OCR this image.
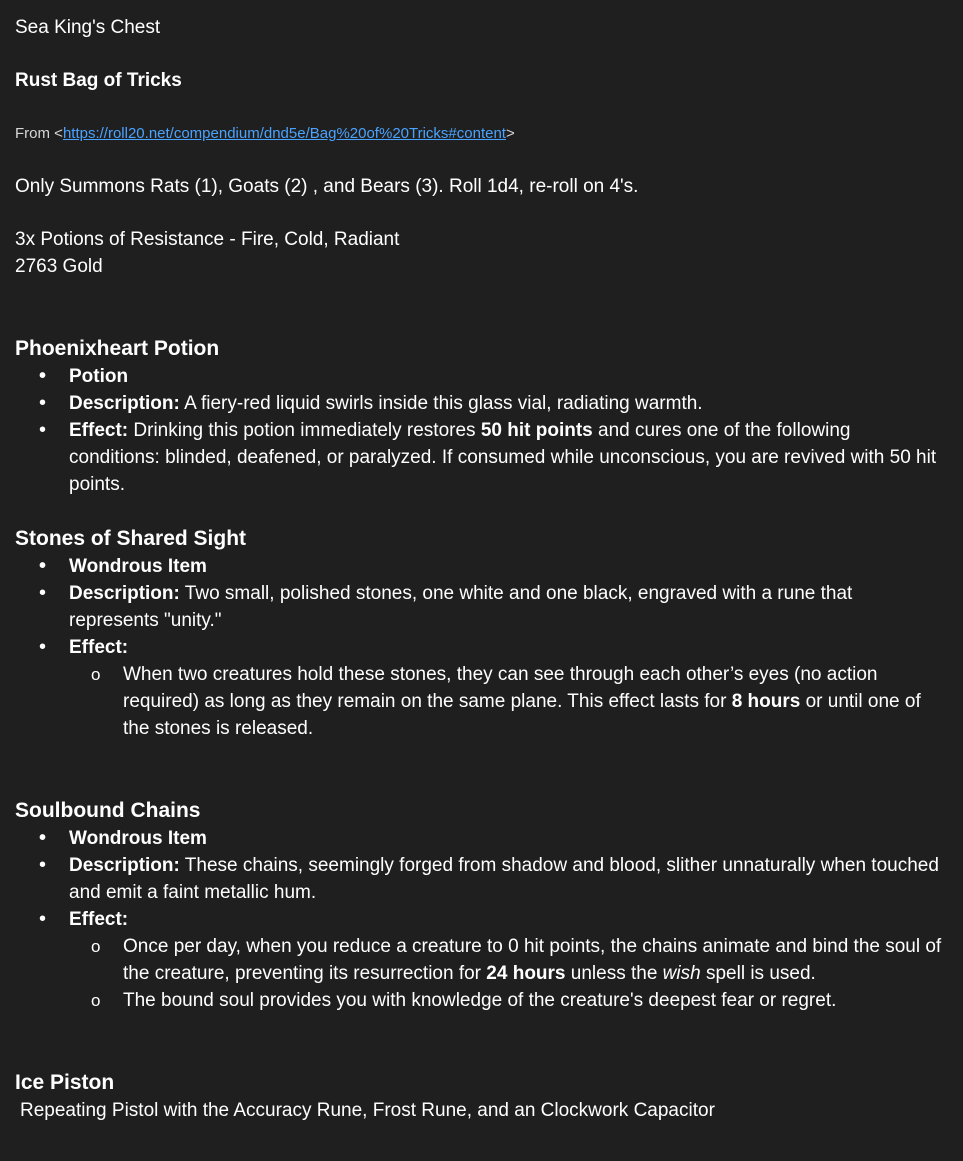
Sea King's Chest
Rust Bag of Tricks
From <https://roll20.net/compendium/dnd5e/Bag%20of%20Tricks#content>
Only Summons Rats (1), Goats (2) , and Bears (3). Roll 1d4, re-roll on 4's.
3x Potions of Resistance - Fire, Cold, Radiant
2763 Gold
Phoenixheart Potion
• Potion
• Description: A fiery-red liquid swirls inside this glass vial, radiating warmth.
• Effect: Drinking this potion immediately restores 50 hit points and cures one of the following conditions: blinded, deafened, or paralyzed. If consumed while unconscious, you are revived with 50 hit points.
Stones of Shared Sight
• Wondrous Item
• Description: Two small, polished stones, one white and one black, engraved with a rune that represents "unity."
• Effect:
o When two creatures hold these stones, they can see through each other’s eyes (no action required) as long as they remain on the same plane. This effect lasts for 8 hours or until one of the stones is released.
Soulbound Chains
• Wondrous Item
• Description: These chains, seemingly forged from shadow and blood, slither unnaturally when touched and emit a faint metallic hum.
• Effect:
o Once per day, when you reduce a creature to 0 hit points, the chains animate and bind the soul of the creature, preventing its resurrection for 24 hours unless the wish spell is used.
o The bound soul provides you with knowledge of the creature's deepest fear or regret.
Ice Piston
Repeating Pistol with the Accuracy Rune, Frost Rune, and an Clockwork Capacitor
